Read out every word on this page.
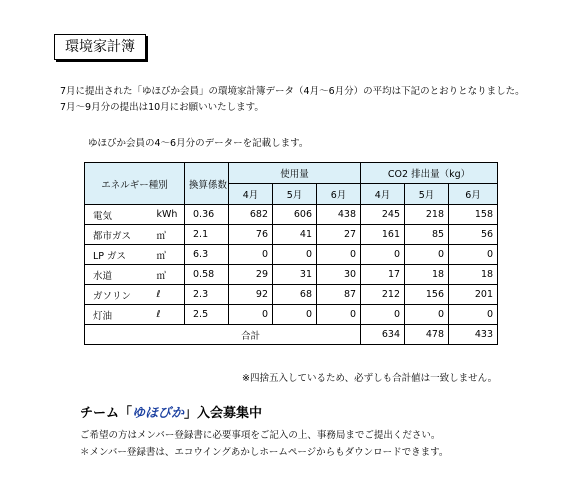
環境家計簿
7月に提出された「ゆほびか会員」の環境家計簿データ（4月～6月分）の平均は下記のとおりとなりました。
7月～9月分の提出は10月にお願いいたします。
ゆほびか会員の4～6月分のデーターを記載します。
エネルギー種別		換算係数	使用量			CO2 排出量（kg）		
			4月	5月	6月	4月	5月	6月
電気	kWh	0.36	682	606	438	245	218	158
都市ガス	㎥	2.1	76	41	27	161	85	56
LP ガス	㎥	6.3	0	0	0	0	0	0
水道	㎥	0.58	29	31	30	17	18	18
ガソリン	ℓ	2.3	92	68	87	212	156	201
灯油	ℓ	2.5	0	0	0	0	0	0
			合計			634	478	433
※四捨五入しているため、必ずしも合計値は一致しません。
チーム「ゆほびか」入会募集中
ご希望の方はメンバー登録書に必要事項をご記入の上、事務局までご提出ください。
＊メンバー登録書は、エコウイングあかしホームページからもダウンロードできます。
